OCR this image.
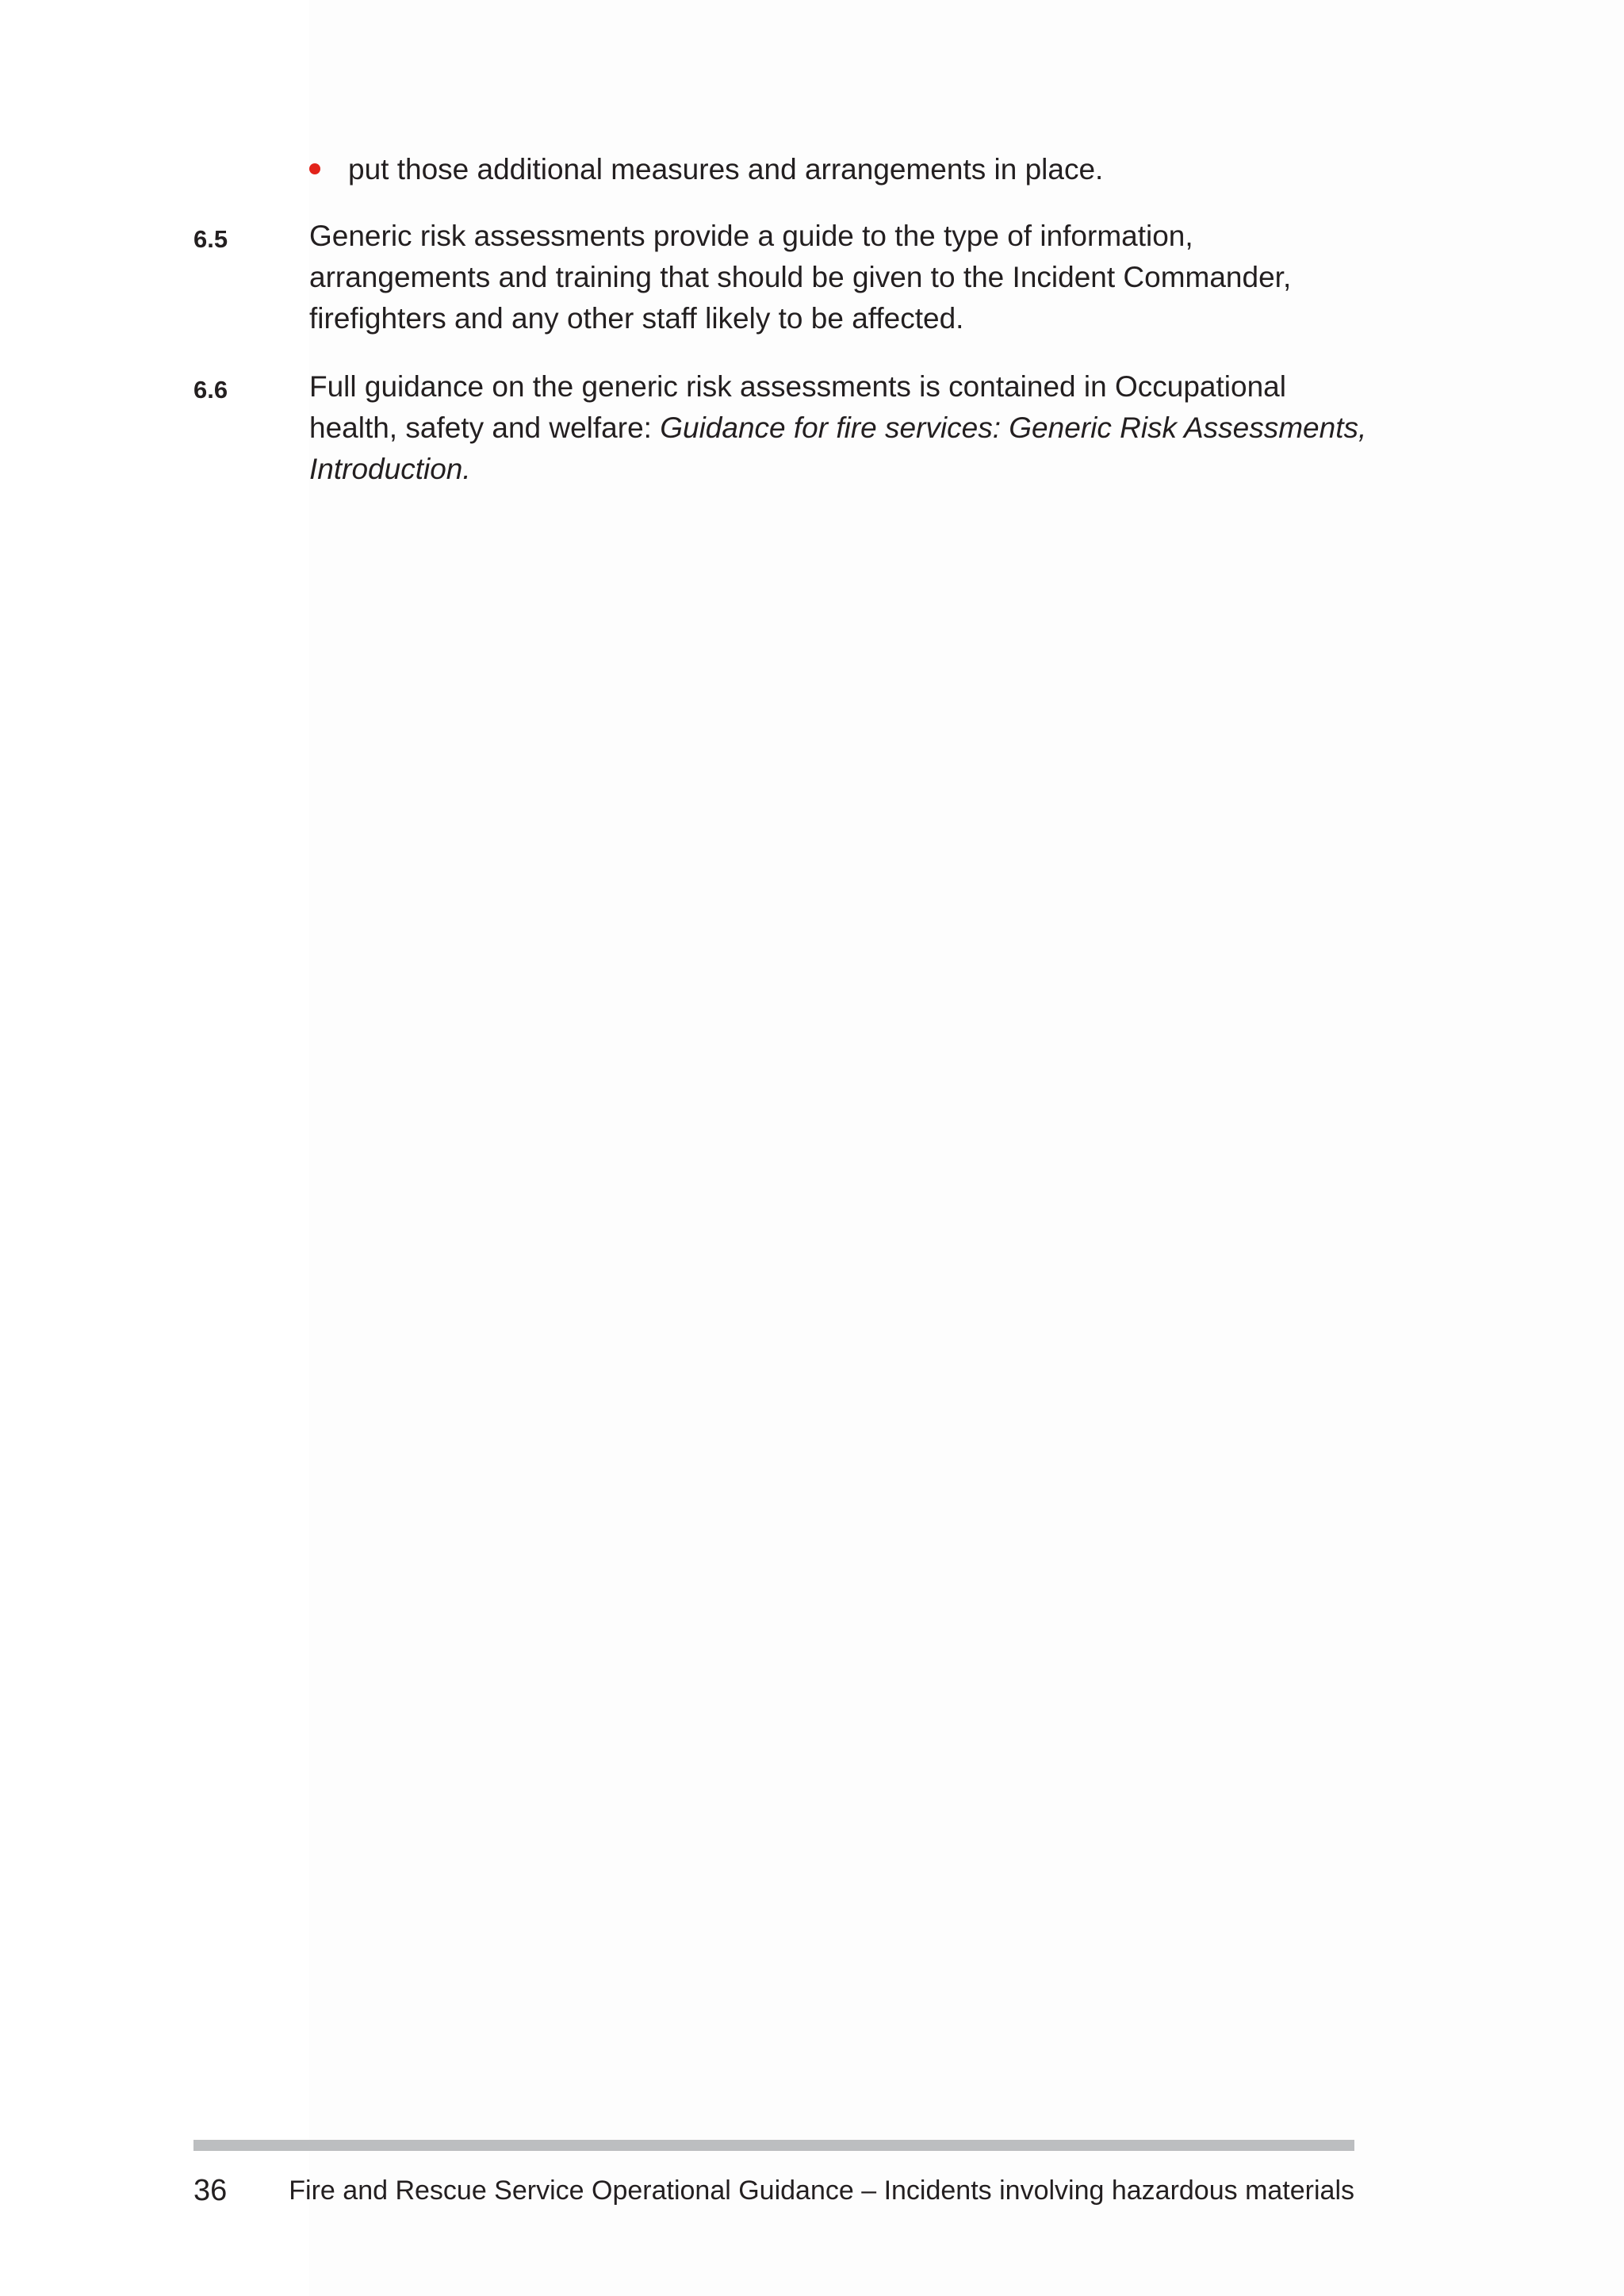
put those additional measures and arrangements in place.
6.5	Generic risk assessments provide a guide to the type of information,

arrangements and training that should be given to the Incident Commander,

firefighters and any other staff likely to be affected.

6.6	Full guidance on the generic risk assessments is contained in Occupational

health, safety and welfare: Guidance for fire services: Generic Risk Assessments,

Introduction.

36 Fire and Rescue Service Operational Guidance – Incidents involving hazardous materials
